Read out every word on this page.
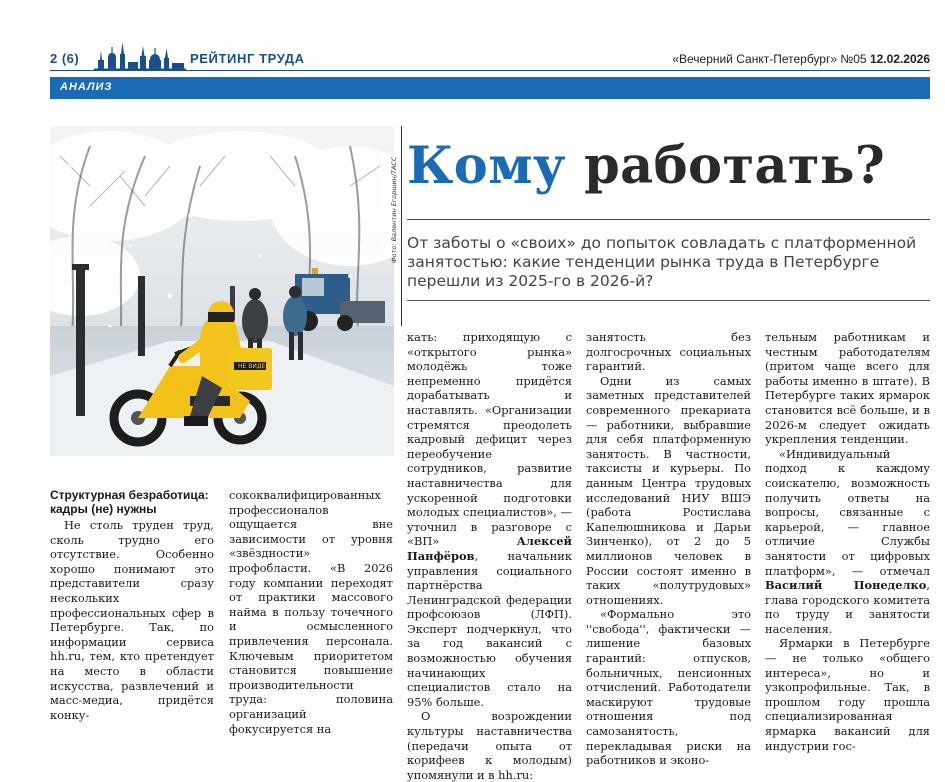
2 (6)	РЕЙТИНГ ТРУДА	«Вечерний Санкт-Петербург» №05 12.02.2026
АНАЛИЗ
НЕ ВИДЕ
Фото: Валентин Егоршин/ТАСС Кому работать?
От заботы о «своих» до попыток совладать с платформенной занятостью: какие тенденции рынка труда в Петербурге перешли из 2025-го в 2026-й?
Структурная безработица: кадры (не) нужны

Не столь труден труд, сколь трудно его отсутствие. Особенно хорошо понимают это представители сразу нескольких профессиональных сфер в Петербурге. Так, по информации сервиса hh.ru, тем, кто претендует на место в области искусства, развлечений и масс-медиа, придётся конку-

сококвалифицированных профессионалов ощущается вне зависимости от уровня «звёздности» профобласти. «В 2026 году компании переходят от практики массового найма в пользу точечного и осмысленного привлечения персонала. Ключевым приоритетом становится повышение производительности труда: половина организаций фокусируется на

кать: приходящую с «открытого рынка» молодёжь тоже непременно придётся дорабатывать и наставлять. «Организации стремятся преодолеть кадровый дефицит через переобучение сотрудников, развитие наставничества для ускоренной подготовки молодых специалистов», — уточнил в разговоре с «ВП»	Алексей Панфёров, начальник управления социального партнёрства Ленинградской федерации профсоюзов (ЛФП). Эксперт подчеркнул, что за год вакансий с возможностью обучения начинающих специалистов стало на 95% больше.

О возрождении культуры наставничества (передачи опыта от корифеев к молодым) упомянули и в hh.ru:

занятость без долгосрочных социальных гарантий.

Одни из самых заметных представителей современного прекариата — работники, выбравшие для себя платформенную занятость. В частности, таксисты и курьеры. По данным Центра трудовых исследований НИУ ВШЭ (работа Ростислава Капелюшникова и Дарьи Зинченко), от 2 до 5 миллионов человек в России состоят именно в таких «полутрудовых» отношениях.

«Формально это ''свобода'', фактически — лишение базовых гарантий: отпусков, больничных, пенсионных отчислений. Работодатели маскируют трудовые отношения под самозанятость, перекладывая риски на работников и эконо-

тельным работникам и честным работодателям (притом чаще всего для работы именно в штате). В Петербурге таких ярмарок становится всё больше, и в 2026-м следует ожидать укрепления тенденции.

«Индивидуальный подход к каждому соискателю, возможность получить ответы на вопросы, связанные с карьерой, — главное отличие Службы занятости от цифровых платформ», — отмечал Василий Понеделко, глава городского комитета по труду и занятости населения.

Ярмарки в Петербурге — не только «общего интереса», но и узкопрофильные. Так, в прошлом году прошла специализированная ярмарка вакансий для индустрии гос-
